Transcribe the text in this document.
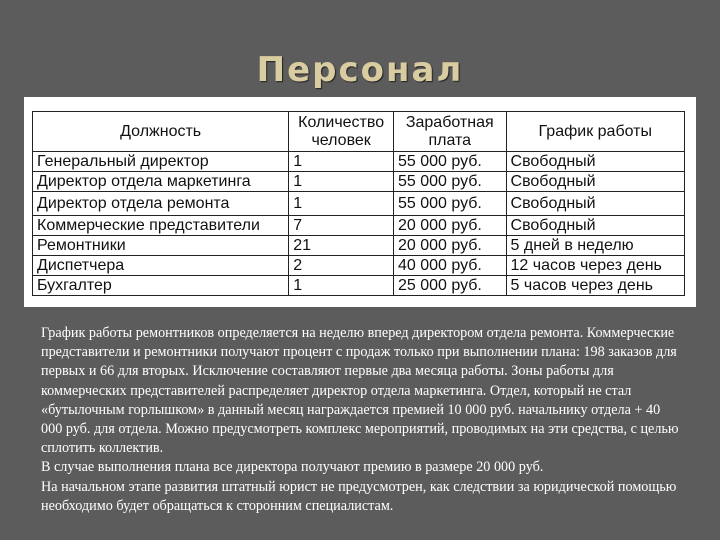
Персонал
Должность	Количество человек	Заработная плата	График работы
Генеральный директор	1	55 000 руб.	Свободный
Директор отдела маркетинга	1	55 000 руб.	Свободный
Директор отдела ремонта	1	55 000 руб.	Свободный
Коммерческие представители	7	20 000 руб.	Свободный
Ремонтники	21	20 000 руб.	5 дней в неделю
Диспетчера	2	40 000 руб.	12 часов через день
Бухгалтер	1	25 000 руб.	5 часов через день

График работы ремонтников определяется на неделю вперед директором отдела ремонта. Коммерческие представители и ремонтники получают процент с продаж только при выполнении плана: 198 заказов для первых и 66 для вторых. Исключение составляют первые два месяца работы. Зоны работы для коммерческих представителей распределяет директор отдела маркетинга. Отдел, который не стал «бутылочным горлышком» в данный месяц награждается премией 10 000 руб. начальнику отдела + 40 000 руб. для отдела. Можно предусмотреть комплекс мероприятий, проводимых на эти средства, с целью сплотить коллектив.

В случае выполнения плана все директора получают премию в размере 20 000 руб.

На начальном этапе развития штатный юрист не предусмотрен, как следствии за юридической помощью необходимо будет обращаться к сторонним специалистам.
